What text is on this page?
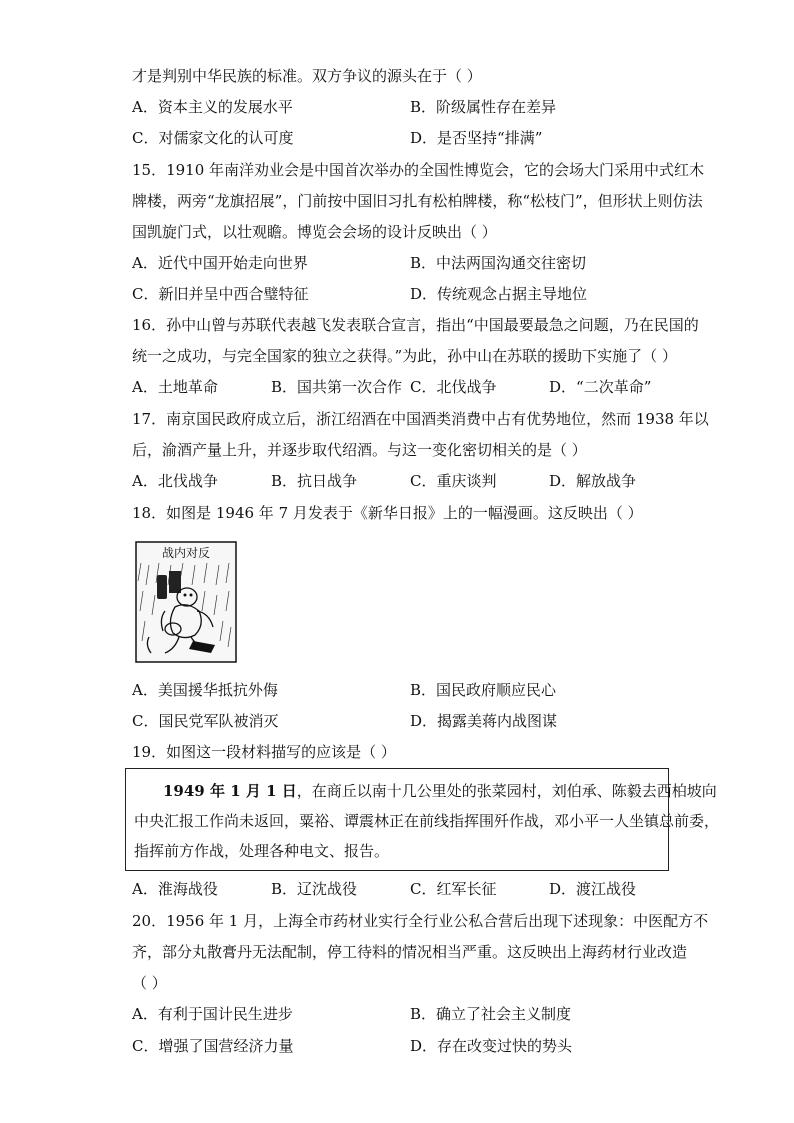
才是判别中华民族的标准。双方争议的源头在于（ ）
A．资本主义的发展水平	B．阶级属性存在差异
C．对儒家文化的认可度	D．是否坚持“排满”
15．1910 年南洋劝业会是中国首次举办的全国性博览会，它的会场大门采用中式红木
牌楼，两旁“龙旗招展”，门前按中国旧习扎有松柏牌楼，称“松枝门”，但形状上则仿法
国凯旋门式，以壮观瞻。博览会会场的设计反映出（ ）
A．近代中国开始走向世界	B．中法两国沟通交往密切
C．新旧并呈中西合璧特征	D．传统观念占据主导地位
16．孙中山曾与苏联代表越飞发表联合宣言，指出“中国最要最急之问题，乃在民国的
统一之成功，与完全国家的独立之获得。”为此，孙中山在苏联的援助下实施了（ ）
A．土地革命	B．国共第一次合作 C．北伐战争	D．“二次革命”
17．南京国民政府成立后，浙江绍酒在中国酒类消费中占有优势地位，然而 1938 年以
后，渝酒产量上升，并逐步取代绍酒。与这一变化密切相关的是（ ）
A．北伐战争	B．抗日战争	C．重庆谈判	D．解放战争
18．如图是 1946 年 7 月发表于《新华日报》上的一幅漫画。这反映出（ ）
战内对反
A．美国援华抵抗外侮	B．国民政府顺应民心
C．国民党军队被消灭	D．揭露美蒋内战图谋
19．如图这一段材料描写的应该是（ ）
1949 年 1 月 1 日，在商丘以南十几公里处的张菜园村，刘伯承、陈毅去西柏坡向
中央汇报工作尚未返回，粟裕、谭震林正在前线指挥围歼作战，邓小平一人坐镇总前委，
指挥前方作战，处理各种电文、报告。
A．淮海战役	B．辽沈战役	C．红军长征	D．渡江战役
20．1956 年 1 月，上海全市药材业实行全行业公私合营后出现下述现象：中医配方不
齐，部分丸散膏丹无法配制，停工待料的情况相当严重。这反映出上海药材行业改造
（ ）
A．有利于国计民生进步	B．确立了社会主义制度
C．增强了国营经济力量	D．存在改变过快的势头
